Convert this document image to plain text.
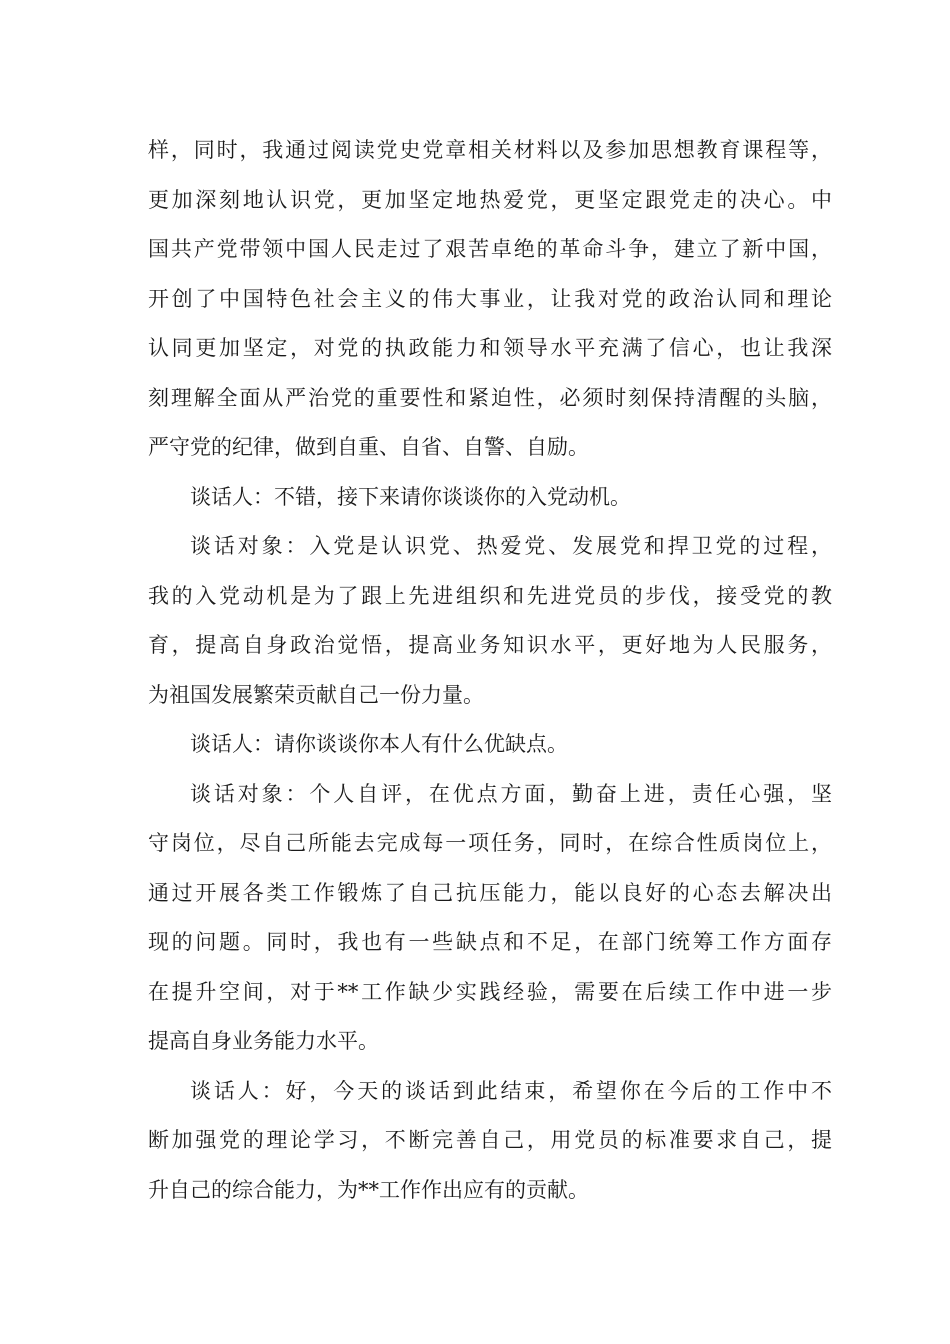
样，同时，我通过阅读党史党章相关材料以及参加思想教育课程等，
更加深刻地认识党，更加坚定地热爱党，更坚定跟党走的决心。中
国共产党带领中国人民走过了艰苦卓绝的革命斗争，建立了新中国，
开创了中国特色社会主义的伟大事业，让我对党的政治认同和理论
认同更加坚定，对党的执政能力和领导水平充满了信心，也让我深
刻理解全面从严治党的重要性和紧迫性，必须时刻保持清醒的头脑，
严守党的纪律，做到自重、自省、自警、自励。
谈话人：不错，接下来请你谈谈你的入党动机。
谈话对象：入党是认识党、热爱党、发展党和捍卫党的过程，
我的入党动机是为了跟上先进组织和先进党员的步伐，接受党的教
育，提高自身政治觉悟，提高业务知识水平，更好地为人民服务，
为祖国发展繁荣贡献自己一份力量。
谈话人：请你谈谈你本人有什么优缺点。
谈话对象：个人自评，在优点方面，勤奋上进，责任心强，坚
守岗位，尽自己所能去完成每一项任务，同时，在综合性质岗位上，
通过开展各类工作锻炼了自己抗压能力，能以良好的心态去解决出
现的问题。同时，我也有一些缺点和不足，在部门统筹工作方面存
在提升空间，对于**工作缺少实践经验，需要在后续工作中进一步
提高自身业务能力水平。
谈话人：好，今天的谈话到此结束，希望你在今后的工作中不
断加强党的理论学习，不断完善自己，用党员的标准要求自己，提
升自己的综合能力，为**工作作出应有的贡献。
